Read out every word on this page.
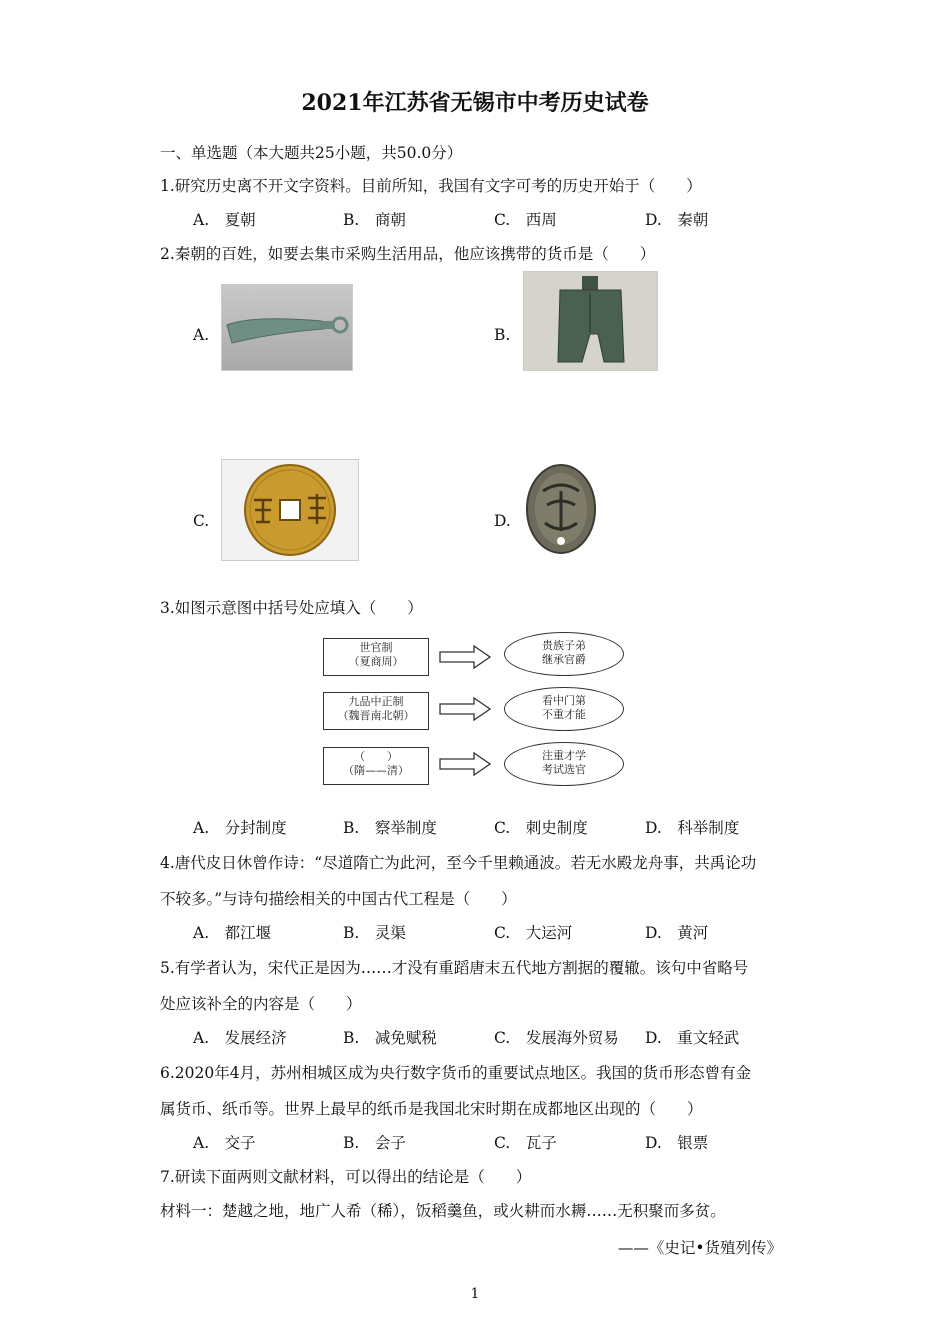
2021年江苏省无锡市中考历史试卷
一、单选题（本大题共25小题，共50.0分）
1.研究历史离不开文字资料。目前所知，我国有文字可考的历史开始于（　　）
A.　夏朝	B.　商朝	C.　西周	D.　秦朝
2.秦朝的百姓，如要去集市采购生活用品，他应该携带的货币是（　　）
A.	B.
C.	D.
3.如图示意图中括号处应填入（　　）
世官制
（夏商周）
九品中正制
（魏晋南北朝）
（　　）
（隋——清）
贵族子弟
继承官爵
看中门第
不重才能
注重才学
考试选官
A.　分封制度	B.　察举制度	C.　刺史制度	D.　科举制度
4.唐代皮日休曾作诗：“尽道隋亡为此河，至今千里赖通波。若无水殿龙舟事，共禹论功
不较多。”与诗句描绘相关的中国古代工程是（　　）
A.　都江堰	B.　灵渠	C.　大运河	D.　黄河
5.有学者认为，宋代正是因为……才没有重蹈唐末五代地方割据的覆辙。该句中省略号
处应该补全的内容是（　　）
A.　发展经济	B.　减免赋税	C.　发展海外贸易 D.　重文轻武
6.2020年4月，苏州相城区成为央行数字货币的重要试点地区。我国的货币形态曾有金
属货币、纸币等。世界上最早的纸币是我国北宋时期在成都地区出现的（　　）
A.　交子	B.　会子	C.　瓦子	D.　银票
7.研读下面两则文献材料，可以得出的结论是（　　）
材料一：楚越之地，地广人希（稀），饭稻羹鱼，或火耕而水耨……无积聚而多贫。
——《史记•货殖列传》
1
